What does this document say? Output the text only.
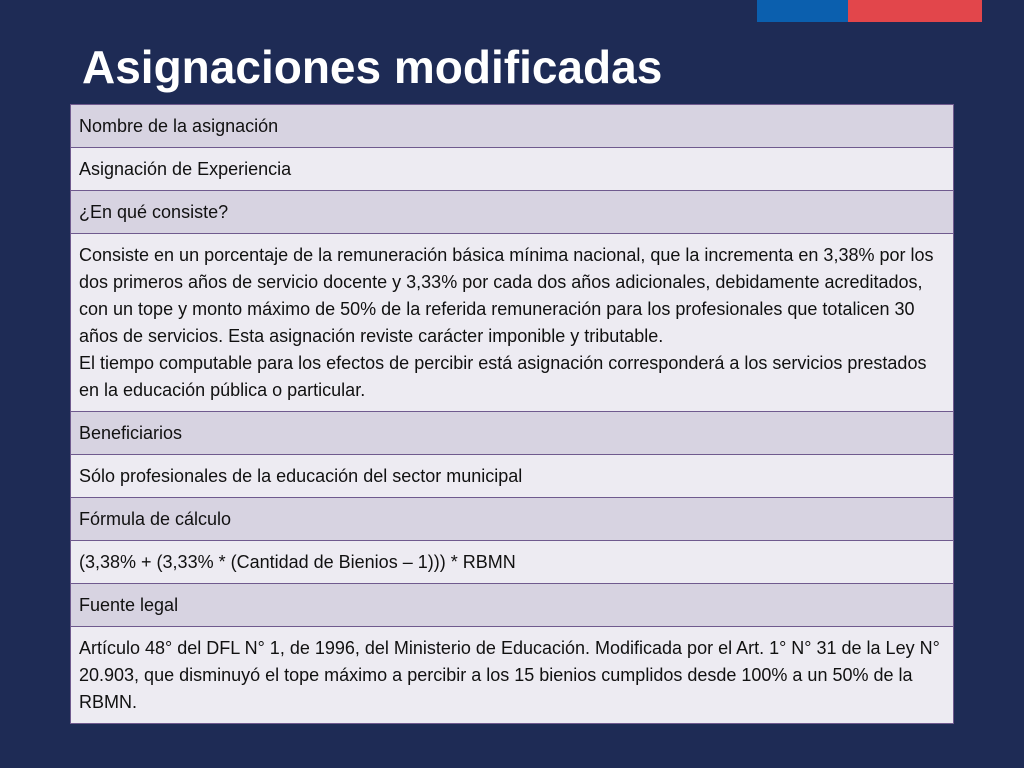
Asignaciones modificadas
Nombre de la asignación
Asignación de Experiencia
¿En qué consiste?

Consiste en un porcentaje de la remuneración básica mínima nacional, que la incrementa en 3,38% por los dos primeros años de servicio docente y 3,33% por cada dos años adicionales, debidamente acreditados, con un tope y monto máximo de 50% de la referida remuneración para los profesionales que totalicen 30 años de servicios. Esta asignación reviste carácter imponible y tributable.
El tiempo computable para los efectos de percibir está asignación corresponderá a los servicios prestados en la educación pública o particular.

Beneficiarios
Sólo profesionales de la educación del sector municipal
Fórmula de cálculo
(3,38% + (3,33% * (Cantidad de Bienios – 1))) * RBMN
Fuente legal
Artículo 48° del DFL N° 1, de 1996, del Ministerio de Educación. Modificada por el Art. 1° N° 31 de la Ley N° 20.903, que disminuyó el tope máximo a percibir a los 15 bienios cumplidos desde 100% a un 50% de la RBMN.
